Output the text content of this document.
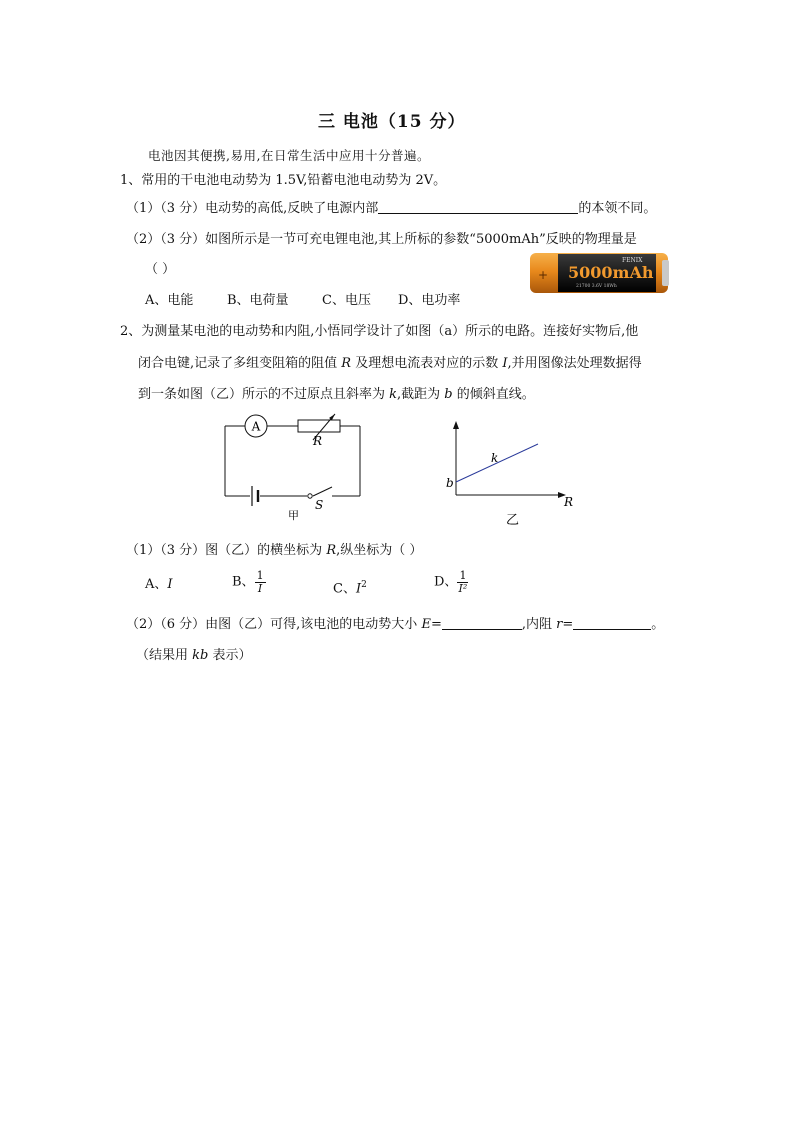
三 电池（15 分）
电池因其便携,易用,在日常生活中应用十分普遍。
1、常用的干电池电动势为 1.5V,铅蓄电池电动势为 2V。
（1）（3 分）电动势的高低,反映了电源内部	的本领不同。
（2）（3 分）如图所示是一节可充电锂电池,其上所标的参数“5000mAh”反映的物理量是
（ ）
FENIX
5000mAh
21700 3.6V 18Wh
+
A、电能	B、电荷量	C、电压 D、电功率
2、为测量某电池的电动势和内阻,小悟同学设计了如图（a）所示的电路。连接好实物后,他
闭合电键,记录了多组变阻箱的阻值 R 及理想电流表对应的示数 I,并用图像法处理数据得
到一条如图（乙）所示的不过原点且斜率为 k,截距为 b 的倾斜直线。
A
R
S
甲
R
k
b
乙
（1）（3 分）图（乙）的横坐标为 R,纵坐标为（ ）
A、I	B、 $\frac{1}{I}$	C、$I^2$	D、 $\frac{1}{\text{I²}}$
（2）（6 分）由图（乙）可得,该电池的电动势大小 E=	,内阻 r=	。
（结果用 kb 表示）
